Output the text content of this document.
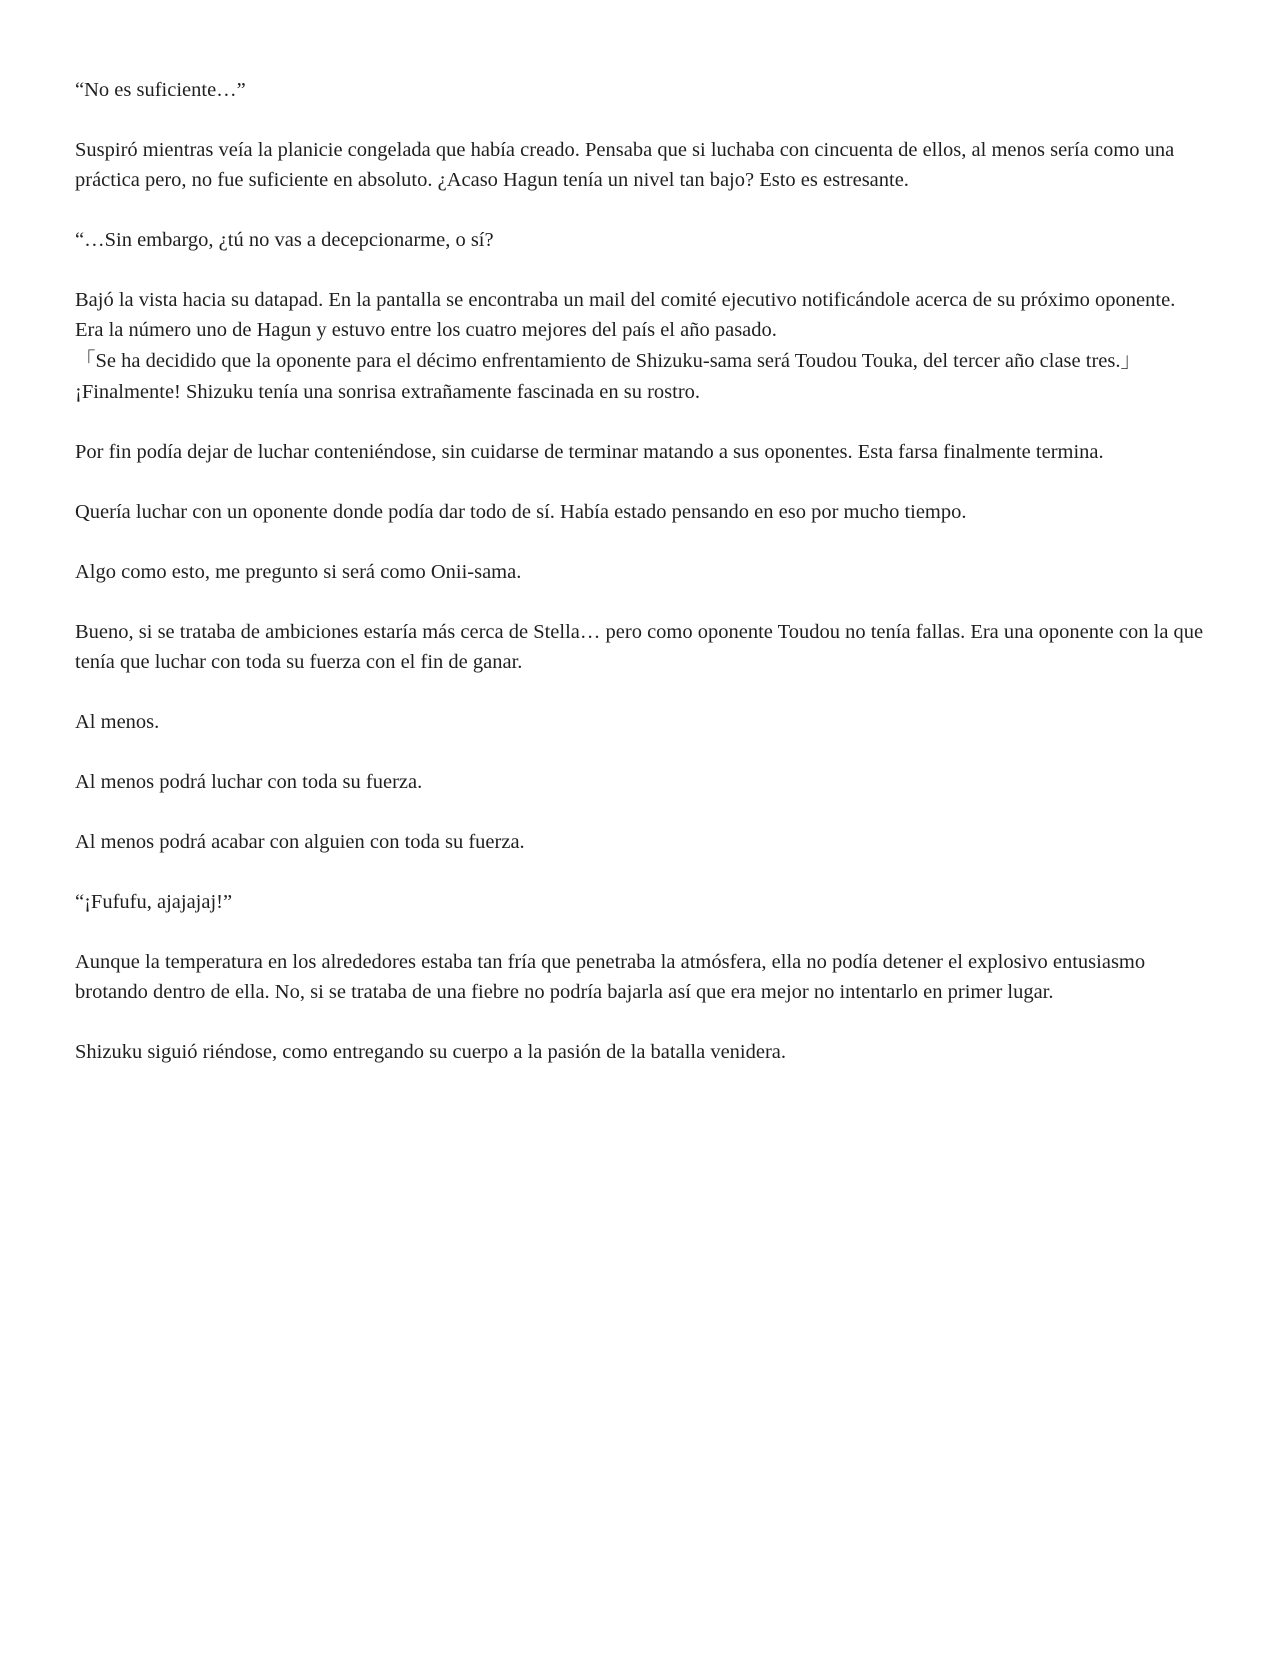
“No es suficiente…”

Suspiró mientras veía la planicie congelada que había creado. Pensaba que si luchaba con cincuenta de ellos, al menos sería como una práctica pero, no fue suficiente en absoluto. ¿Acaso Hagun tenía un nivel tan bajo? Esto es estresante.

“…Sin embargo, ¿tú no vas a decepcionarme, o sí?

Bajó la vista hacia su datapad. En la pantalla se encontraba un mail del comité ejecutivo notificándole acerca de su próximo oponente. Era la número uno de Hagun y estuvo entre los cuatro mejores del país el año pasado.

「Se ha decidido que la oponente para el décimo enfrentamiento de Shizuku-sama será Toudou Touka, del tercer año clase tres.」

¡Finalmente! Shizuku tenía una sonrisa extrañamente fascinada en su rostro.

Por fin podía dejar de luchar conteniéndose, sin cuidarse de terminar matando a sus oponentes. Esta farsa finalmente termina.

Quería luchar con un oponente donde podía dar todo de sí. Había estado pensando en eso por mucho tiempo.

Algo como esto, me pregunto si será como Onii-sama.

Bueno, si se trataba de ambiciones estaría más cerca de Stella… pero como oponente Toudou no tenía fallas. Era una oponente con la que tenía que luchar con toda su fuerza con el fin de ganar.

Al menos.

Al menos podrá luchar con toda su fuerza.

Al menos podrá acabar con alguien con toda su fuerza.

“¡Fufufu, ajajajaj!”

Aunque la temperatura en los alrededores estaba tan fría que penetraba la atmósfera, ella no podía detener el explosivo entusiasmo brotando dentro de ella. No, si se trataba de una fiebre no podría bajarla así que era mejor no intentarlo en primer lugar.

Shizuku siguió riéndose, como entregando su cuerpo a la pasión de la batalla venidera.
